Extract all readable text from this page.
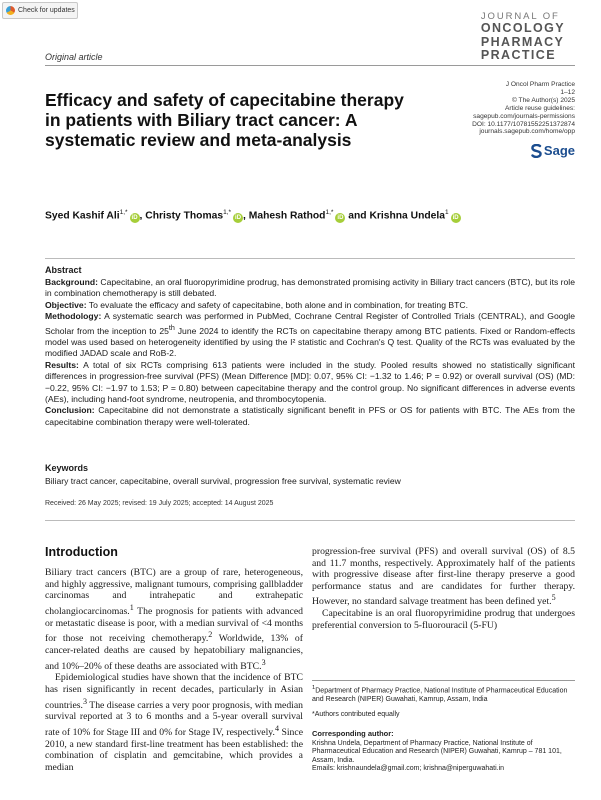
Check for updates
JOURNAL OF
ONCOLOGY
PHARMACY
PRACTICE
Original article
Efficacy and safety of capecitabine therapy in patients with Biliary tract cancer: A systematic review and meta-analysis
J Oncol Pharm Practice
1–12
© The Author(s) 2025
Article reuse guidelines:
sagepub.com/journals-permissions
DOI: 10.1177/10781552251372874
journals.sagepub.com/home/opp
Sage
Syed Kashif Ali$^{1,*}$iD , Christy Thomas$^{1,*}$iD , Mahesh Rathod$^{1,*}$iD and Krishna Undela$^1$iD
Abstract

Background: Capecitabine, an oral fluoropyrimidine prodrug, has demonstrated promising activity in Biliary tract cancers (BTC), but its role in combination chemotherapy is still debated.

Objective: To evaluate the efficacy and safety of capecitabine, both alone and in combination, for treating BTC.

Methodology: A systematic search was performed in PubMed, Cochrane Central Register of Controlled Trials (CENTRAL), and Google Scholar from the inception to 25th June 2024 to identify the RCTs on capecitabine therapy among BTC patients. Fixed or Random-effects model was used based on heterogeneity identified by using the I² statistic and Cochran's Q test. Quality of the RCTs was evaluated by the modified JADAD scale and RoB-2.

Results: A total of six RCTs comprising 613 patients were included in the study. Pooled results showed no statistically significant differences in progression-free survival (PFS) (Mean Difference [MD]: 0.07, 95% CI: −1.32 to 1.46; P = 0.92) or overall survival (OS) (MD: −0.22, 95% CI: −1.97 to 1.53; P = 0.80) between capecitabine therapy and the control group. No significant differences in adverse events (AEs), including hand-foot syndrome, neutropenia, and thrombocytopenia.

Conclusion: Capecitabine did not demonstrate a statistically significant benefit in PFS or OS for patients with BTC. The AEs from the capecitabine combination therapy were well-tolerated.

Keywords
Biliary tract cancer, capecitabine, overall survival, progression free survival, systematic review
Received: 26 May 2025; revised: 19 July 2025; accepted: 14 August 2025
Introduction

Biliary tract cancers (BTC) are a group of rare, heterogeneous, and highly aggressive, malignant tumours, comprising gallbladder carcinomas and intrahepatic and extrahepatic cholangiocarcinomas.$^1$ The prognosis for patients with advanced or metastatic disease is poor, with a median survival of <4 months for those not receiving chemotherapy.$^2$ Worldwide, 13% of cancer-related deaths are caused by hepatobiliary malignancies, and 10%–20% of these deaths are associated with BTC.$^3$

Epidemiological studies have shown that the incidence of BTC has risen significantly in recent decades, particularly in Asian countries.$^3$ The disease carries a very poor prognosis, with median survival reported at 3 to 6 months and a 5-year overall survival rate of 10% for Stage III and 0% for Stage IV, respectively.$^4$ Since 2010, a new standard first-line treatment has been established: the combination of cisplatin and gemcitabine, which provides a median

progression-free survival (PFS) and overall survival (OS) of 8.5 and 11.7 months, respectively. Approximately half of the patients with progressive disease after first-line therapy preserve a good performance status and are candidates for further therapy. However, no standard salvage treatment has been defined yet.$^5$

Capecitabine is an oral fluoropyrimidine prodrug that undergoes preferential conversion to 5-fluorouracil (5-FU)

$^1$Department of Pharmacy Practice, National Institute of Pharmaceutical Education and Research (NIPER) Guwahati, Kamrup, Assam, India
*Authors contributed equally
Corresponding author:
Krishna Undela, Department of Pharmacy Practice, National Institute of Pharmaceutical Education and Research (NIPER) Guwahati, Kamrup – 781 101, Assam, India.
Emails: krishnaundela@gmail.com; krishna@niperguwahati.in
